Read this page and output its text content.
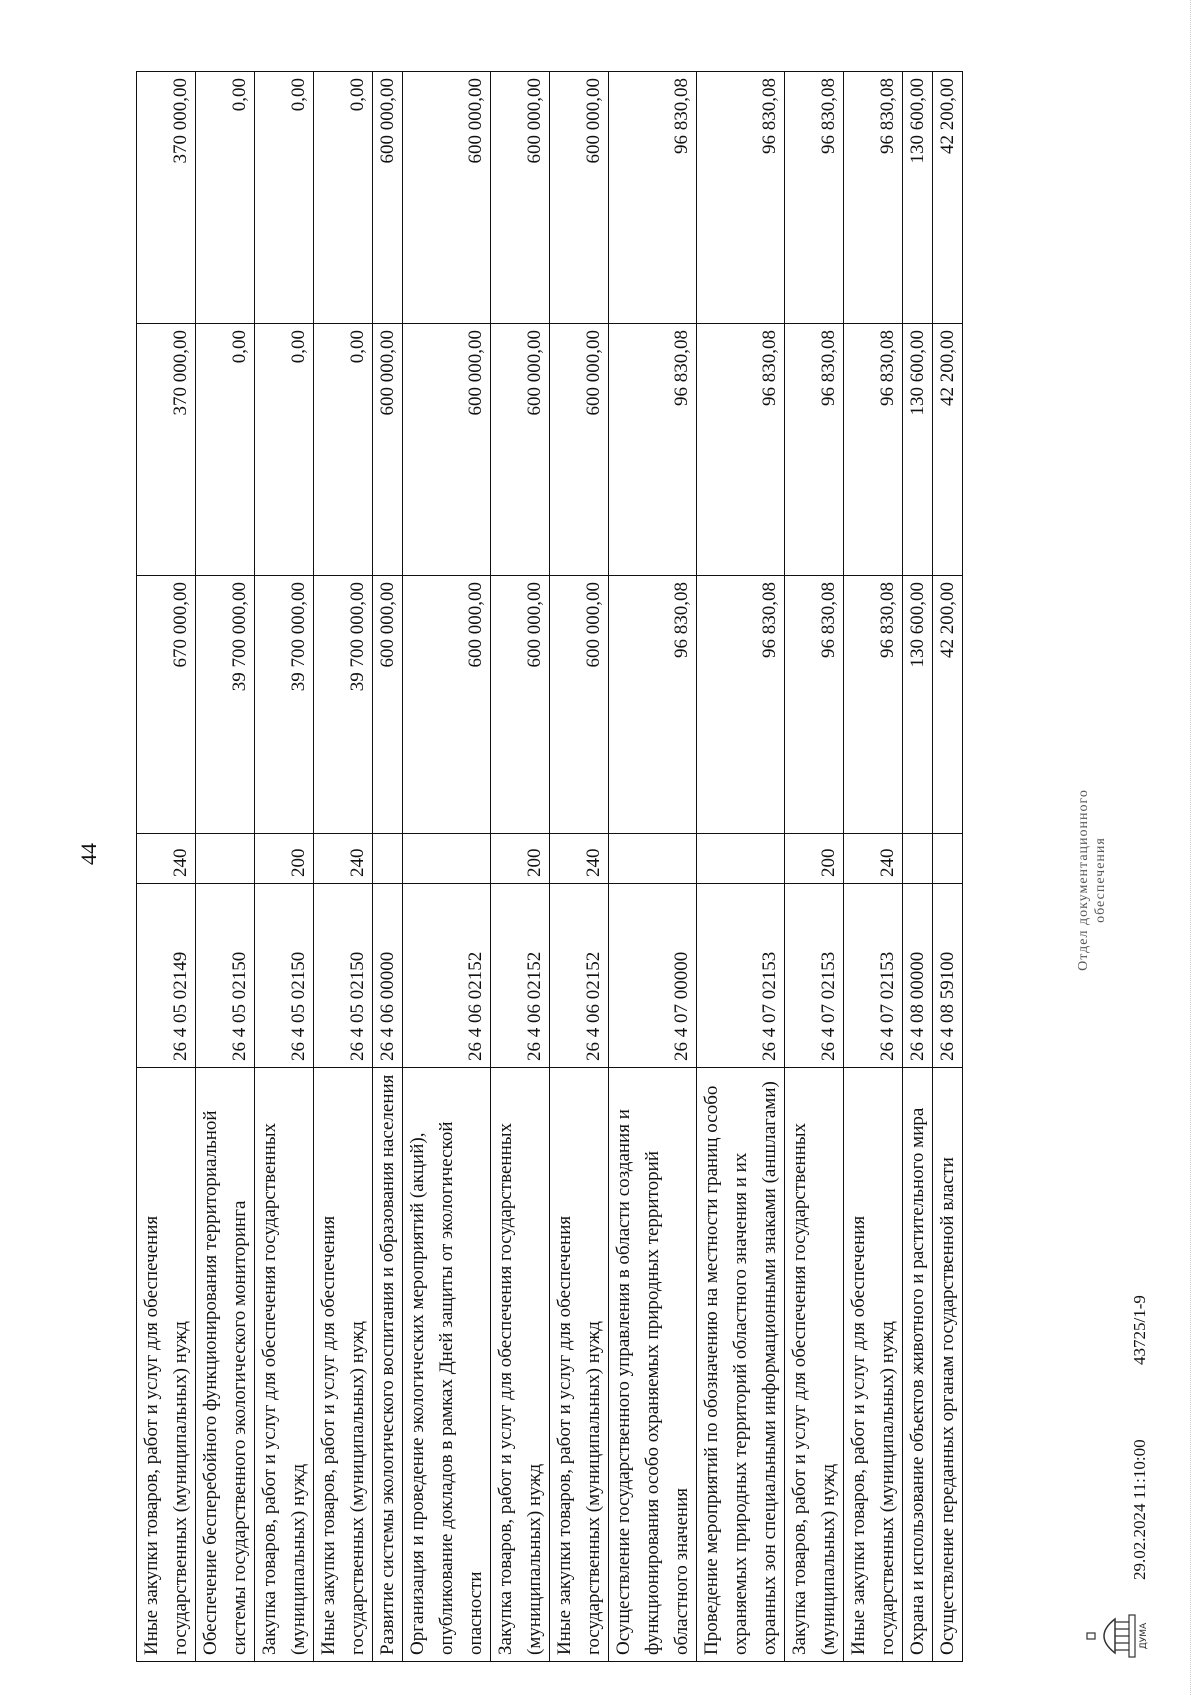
44
Иные закупки товаров, работ и услуг для обеспечения государственных (муниципальных) нужд	26 4 05 02149	240	670 000,00	370 000,00	370 000,00
Обеспечение бесперебойного функционирования территориальной системы государственного экологического мониторинга	26 4 05 02150		39 700 000,00	0,00	0,00
Закупка товаров, работ и услуг для обеспечения государственных (муниципальных) нужд	26 4 05 02150	200	39 700 000,00	0,00	0,00
Иные закупки товаров, работ и услуг для обеспечения государственных (муниципальных) нужд	26 4 05 02150	240	39 700 000,00	0,00	0,00
Развитие системы экологического воспитания и образования населения	26 4 06 00000		600 000,00	600 000,00	600 000,00
Организация и проведение экологических мероприятий (акций), опубликование докладов в рамках Дней защиты от экологической опасности	26 4 06 02152		600 000,00	600 000,00	600 000,00
Закупка товаров, работ и услуг для обеспечения государственных (муниципальных) нужд	26 4 06 02152	200	600 000,00	600 000,00	600 000,00
Иные закупки товаров, работ и услуг для обеспечения государственных (муниципальных) нужд	26 4 06 02152	240	600 000,00	600 000,00	600 000,00
Осуществление государственного управления в области создания и функционирования особо охраняемых природных территорий областного значения	26 4 07 00000		96 830,08	96 830,08	96 830,08
Проведение мероприятий по обозначению на местности границ особо охраняемых природных территорий областного значения и их охранных зон специальными информационными знаками (аншлагами)	26 4 07 02153		96 830,08	96 830,08	96 830,08
Закупка товаров, работ и услуг для обеспечения государственных (муниципальных) нужд	26 4 07 02153	200	96 830,08	96 830,08	96 830,08
Иные закупки товаров, работ и услуг для обеспечения государственных (муниципальных) нужд	26 4 07 02153	240	96 830,08	96 830,08	96 830,08
Охрана и использование объектов животного и растительного мира	26 4 08 00000		130 600,00	130 600,00	130 600,00
Осуществление переданных органам государственной власти	26 4 08 59100		42 200,00	42 200,00	42 200,00
ДУМА
29.02.2024 11:10:00
43725/1-9
Отдел документационного обеспечения
